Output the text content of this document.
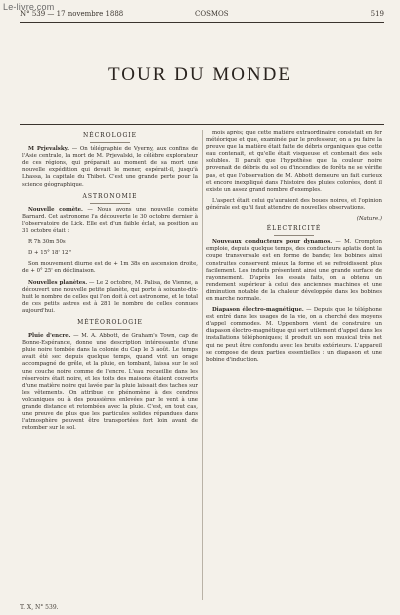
Le-livre.com
N° 539 — 17 novembre 1888	COSMOS	519
TOUR DU MONDE
NÉCROLOGIE

M Prjevalsky. — On télégraphie de Vyerny, aux confins de l'Asie centrale, la mort de M. Prjevalski, le célèbre explorateur de ces régions, qui préparait au moment de sa mort une nouvelle expédition qui devait le mener, espérait-il, jusqu'à Lhassa, la capitale du Thibet. C'est une grande perte pour la science géographique.

ASTRONOMIE

Nouvelle comète. — Nous avons une nouvelle comète Barnard. Cet astronome l'a découverte le 30 octobre dernier à l'observatoire de Lick. Elle est d'un faible éclat, sa position au 31 octobre était :

R 7h 30m 50s

D + 15° 18' 12"

Son mouvement diurne est de + 1m 38s en ascension droite, de + 0° 25' en déclinaison.

Nouvelles planètes. — Le 2 octobre, M. Palisa, de Vienne, a découvert une nouvelle petite planète, qui porte à soixante-dix-huit le nombre de celles qui l'on doit à cet astronome, et le total de ces petits astres est à 281 le nombre de celles connues aujourd'hui.

MÉTÉOROLOGIE

Pluie d'encre. — M. A. Abbott, de Graham's Town, cap de Bonne-Espérance, donne une description intéressante d'une pluie noire tombée dans la colonie du Cap le 3 août. Le temps avait été sec depuis quelque temps, quand vint un orage accompagné de grêle, et la pluie, en tombant, laissa sur le sol une couche noire comme de l'encre. L'eau recueillie dans les réservoirs était noire, et les toits des maisons étaient couverts d'une matière noire qui lavée par la pluie laissait des taches sur les vêtements. On attribue ce phénomène à des cendres volcaniques ou à des poussières enlevées par le vent à une grande distance et retombées avec la pluie. C'est, en tout cas, une preuve de plus que les particules solides répandues dans l'atmosphère peuvent être transportées fort loin avant de retomber sur le sol.

mois après; que cette matière extraordinaire consistait en fer météorique et que, examinée par le professeur, on a pu faire la preuve que la matière était faite de débris organiques que cette eau contenait, et qu'elle était visqueuse et contenait des sels solubles. Il paraît que l'hypothèse que la couleur noire provenait de débris du sol ou d'incendies de forêts ne se vérifie pas, et que l'observation de M. Abbott demeure un fait curieux et encore inexpliqué dans l'histoire des pluies colorées, dont il existe un assez grand nombre d'exemples.

L'aspect était celui qu'auraient des boues noires, et l'opinion générale est qu'il faut attendre de nouvelles observations.

(Nature.)
ÉLECTRICITÉ

Nouveaux conducteurs pour dynamos. — M. Crompton emploie, depuis quelque temps, des conducteurs aplatis dont la coupe transversale est en forme de bande; les bobines ainsi construites conservent mieux la forme et se refroidissent plus facilement. Les induits présentent ainsi une grande surface de rayonnement. D'après les essais faits, on a obtenu un rendement supérieur à celui des anciennes machines et une diminution notable de la chaleur développée dans les bobines en marche normale.

Diapason électro-magnétique. — Depuis que le téléphone est entré dans les usages de la vie, on a cherché des moyens d'appel commodes. M. Uppenborn vient de construire un diapason électro-magnétique qui sert utilement d'appel dans les installations téléphoniques; il produit un son musical très net qui ne peut être confondu avec les bruits extérieurs. L'appareil se compose de deux parties essentielles : un diapason et une bobine d'induction.

T. X, N° 539.
